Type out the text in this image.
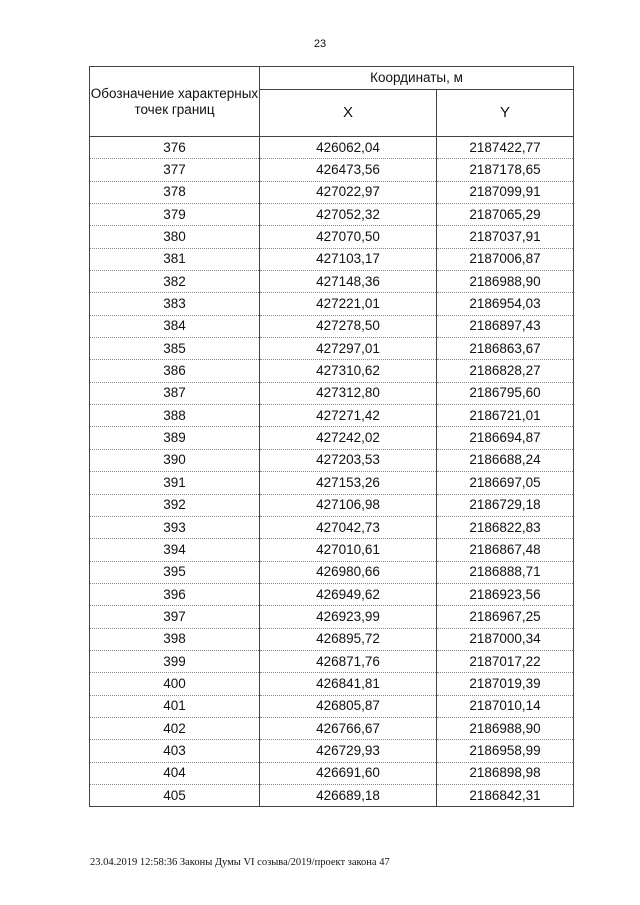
23
Обозначение характерных точек границ	Координаты, м	
	X	Y
376	426062,04	2187422,77
377	426473,56	2187178,65
378	427022,97	2187099,91
379	427052,32	2187065,29
380	427070,50	2187037,91
381	427103,17	2187006,87
382	427148,36	2186988,90
383	427221,01	2186954,03
384	427278,50	2186897,43
385	427297,01	2186863,67
386	427310,62	2186828,27
387	427312,80	2186795,60
388	427271,42	2186721,01
389	427242,02	2186694,87
390	427203,53	2186688,24
391	427153,26	2186697,05
392	427106,98	2186729,18
393	427042,73	2186822,83
394	427010,61	2186867,48
395	426980,66	2186888,71
396	426949,62	2186923,56
397	426923,99	2186967,25
398	426895,72	2187000,34
399	426871,76	2187017,22
400	426841,81	2187019,39
401	426805,87	2187010,14
402	426766,67	2186988,90
403	426729,93	2186958,99
404	426691,60	2186898,98
405	426689,18	2186842,31
23.04.2019 12:58:36 Законы Думы VI созыва/2019/проект закона 47
